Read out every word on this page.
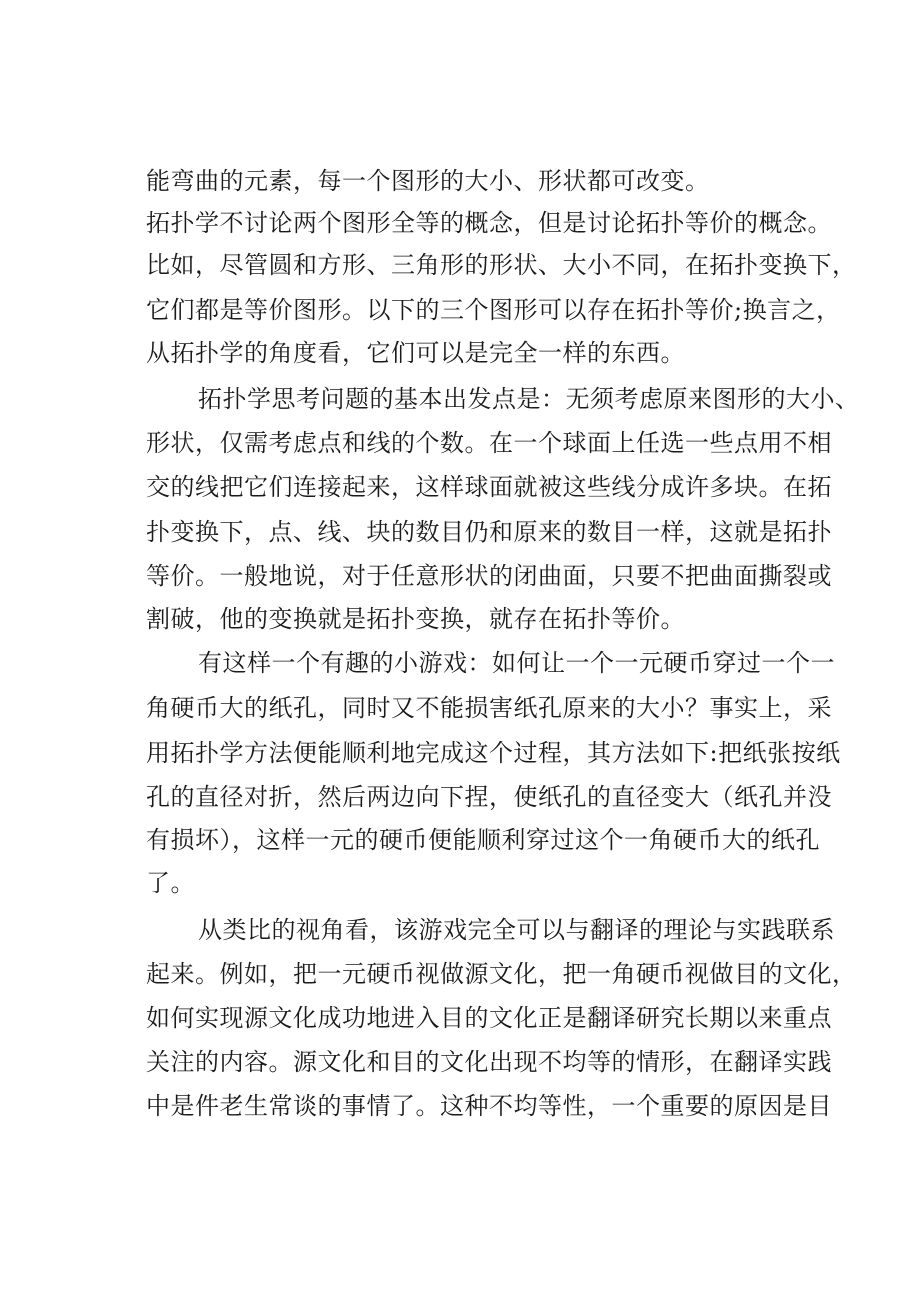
能弯曲的元素，每一个图形的大小、形状都可改变。
拓扑学不讨论两个图形全等的概念，但是讨论拓扑等价的概念。
比如，尽管圆和方形、三角形的形状、大小不同，在拓扑变换下，
它们都是等价图形。以下的三个图形可以存在拓扑等价;换言之，
从拓扑学的角度看，它们可以是完全一样的东西。
拓扑学思考问题的基本出发点是：无须考虑原来图形的大小、
形状，仅需考虑点和线的个数。在一个球面上任选一些点用不相
交的线把它们连接起来，这样球面就被这些线分成许多块。在拓
扑变换下，点、线、块的数目仍和原来的数目一样，这就是拓扑
等价。一般地说，对于任意形状的闭曲面，只要不把曲面撕裂或
割破，他的变换就是拓扑变换，就存在拓扑等价。
有这样一个有趣的小游戏：如何让一个一元硬币穿过一个一
角硬币大的纸孔，同时又不能损害纸孔原来的大小？事实上，采
用拓扑学方法便能顺利地完成这个过程，其方法如下:把纸张按纸
孔的直径对折，然后两边向下捏，使纸孔的直径变大（纸孔并没
有损坏），这样一元的硬币便能顺利穿过这个一角硬币大的纸孔
了。
从类比的视角看，该游戏完全可以与翻译的理论与实践联系
起来。例如，把一元硬币视做源文化，把一角硬币视做目的文化，
如何实现源文化成功地进入目的文化正是翻译研究长期以来重点
关注的内容。源文化和目的文化出现不均等的情形，在翻译实践
中是件老生常谈的事情了。这种不均等性，一个重要的原因是目
